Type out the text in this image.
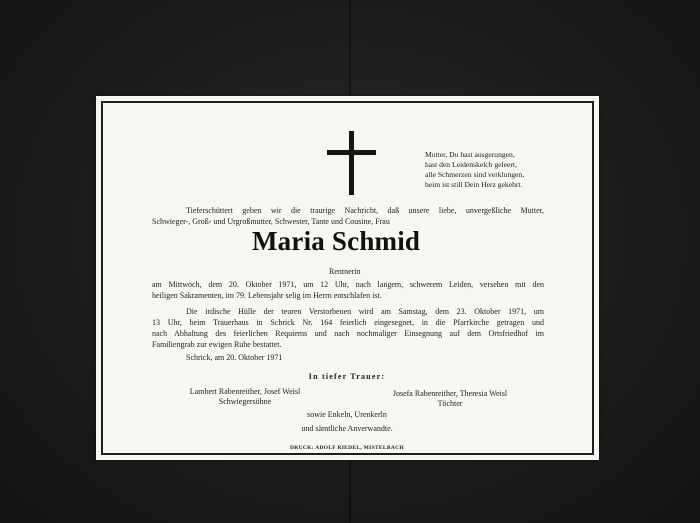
Mutter, Du hast ausgerungen,
hast den Leidenskelch geleert,
alle Schmerzen sind verklungen,
heim ist still Dein Herz gekehrt.
Tieferschüttert geben wir die traurige Nachricht, daß unsere liebe, unvergeßliche Mutter,
Schwieger-, Groß- und Urgroßmutter, Schwester, Tante und Cousine, Frau
Maria Schmid
Rentnerin
am Mittwoch, dem 20. Oktober 1971, um 12 Uhr, nach langem, schwerem Leiden, versehen mit den
heiligen Sakramenten, im 79. Lebensjahr selig im Herrn entschlafen ist.
Die irdische Hülle der teuren Verstorbenen wird am Samstag, dem 23. Oktober 1971, um
13 Uhr, beim Trauerhaus in Schrick Nr. 164 feierlich eingesegnet, in die Pfarrkirche getragen und
nach Abhaltung des feierlichen Requiems und nach nochmaliger Einsegnung auf dem Ortsfriedhof im
Familiengrab zur ewigen Ruhe bestattet.
Schrick, am 20. Oktober 1971
In tiefer Trauer:
Lambert Rabenreither, Josef Weisl
Schwiegersöhne
Josefa Rabenreither, Theresia Weisl
Töchter
sowie Enkeln, Urenkerln
und sämtliche Anverwandte.
DRUCK: ADOLF RIEDEL, MISTELBACH
